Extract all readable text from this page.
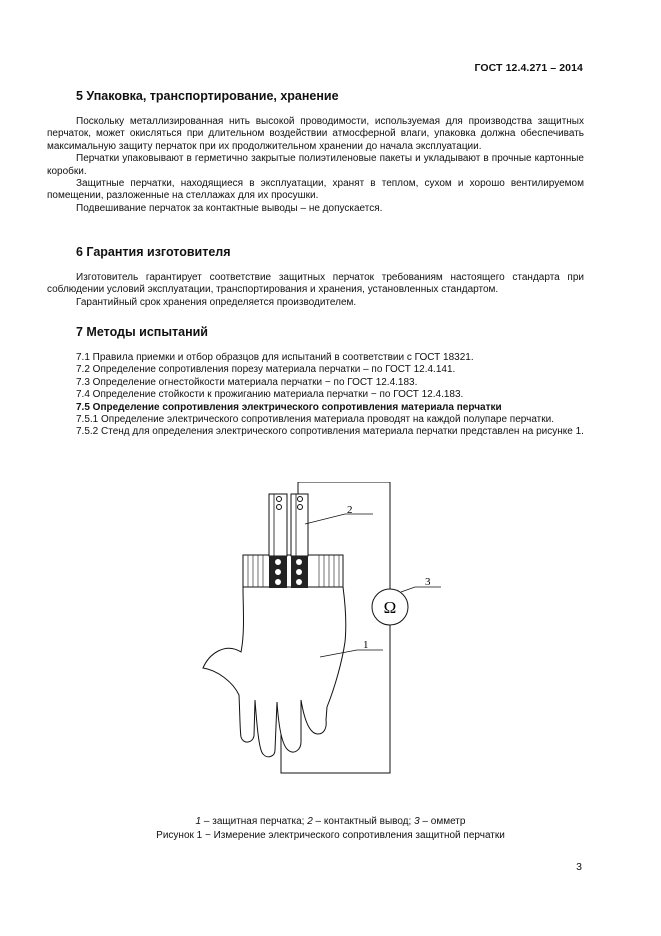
ГОСТ 12.4.271 – 2014
5 Упаковка, транспортирование, хранение

Поскольку металлизированная нить высокой проводимости, используемая для производства защитных перчаток, может окисляться при длительном воздействии атмосферной влаги, упаковка должна обеспечивать максимальную защиту перчаток при их продолжительном хранении до начала эксплуатации.

Перчатки упаковывают в герметично закрытые полиэтиленовые пакеты и укладывают в прочные картонные коробки.

Защитные перчатки, находящиеся в эксплуатации, хранят в теплом, сухом и хорошо вентилируемом помещении, разложенные на стеллажах для их просушки.

Подвешивание перчаток за контактные выводы – не допускается.

6 Гарантия изготовителя

Изготовитель гарантирует соответствие защитных перчаток требованиям настоящего стандарта при соблюдении условий эксплуатации, транспортирования и хранения, установленных стандартом.

Гарантийный срок хранения определяется производителем.

7 Методы испытаний

7.1 Правила приемки и отбор образцов для испытаний в соответствии с ГОСТ 18321.

7.2 Определение сопротивления порезу материала перчатки – по ГОСТ 12.4.141.

7.3 Определение огнестойкости материала перчатки − по ГОСТ 12.4.183.

7.4 Определение стойкости к прожиганию материала перчатки − по ГОСТ 12.4.183.

7.5 Определение сопротивления электрического сопротивления материала перчатки

7.5.1 Определение электрического сопротивления материала проводят на каждой полупаре перчатки.

7.5.2 Стенд для определения электрического сопротивления материала перчатки представлен на рисунке 1.

Ω
2
3
1
1 – защитная перчатка; 2 – контактный вывод; 3 – омметр
Рисунок 1 − Измерение электрического сопротивления защитной перчатки
3
